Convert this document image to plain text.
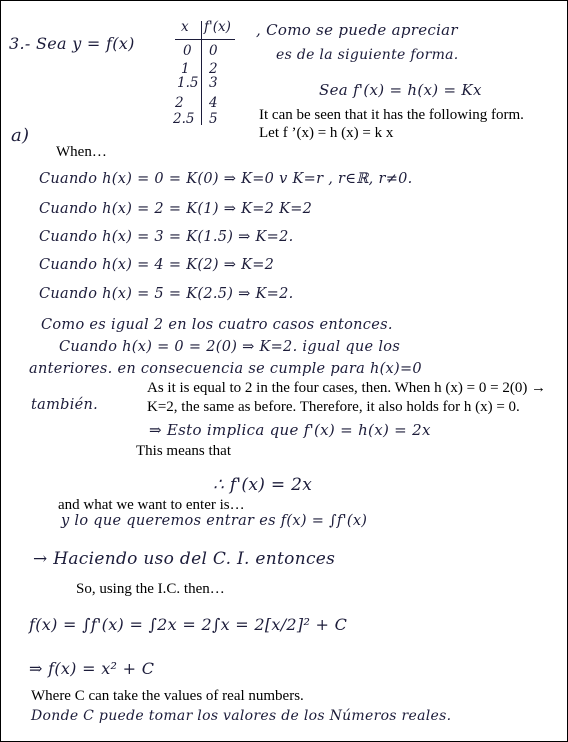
3.- Sea y = f(x)
x f'(x)
0
1
1.5
2
2.5
0
2
3
4
5
, Como se puede apreciar
es de la siguiente forma.
Sea f'(x) = h(x) = Kx
It can be seen that it has the following form.
Let f ’(x) = h (x) = k x
a)
When…
Cuando h(x) = 0 = K(0) ⇒ K=0 v K=r , r∈ℝ, r≠0.
Cuando h(x) = 2 = K(1) ⇒ K=2 K=2
Cuando h(x) = 3 = K(1.5) ⇒ K=2.
Cuando h(x) = 4 = K(2) ⇒ K=2
Cuando h(x) = 5 = K(2.5) ⇒ K=2.
Como es igual 2 en los cuatro casos entonces.
Cuando h(x) = 0 = 2(0) ⇒ K=2. igual que los
anteriores. en consecuencia se cumple para h(x)=0
As it is equal to 2 in the four cases, then. When h (x) = 0 = 2(0) →
también.	K=2, the same as before. Therefore, it also holds for h (x) = 0.
⇒ Esto implica que f'(x) = h(x) = 2x
This means that
∴ f'(x) = 2x
and what we want to enter is…
y lo que queremos entrar es f(x) = ∫f'(x)
→ Haciendo uso del C. I. entonces
So, using the I.C. then…
f(x) = ∫f'(x) = ∫2x = 2∫x = 2[x/2]² + C
⇒ f(x) = x² + C
Where C can take the values of real numbers.
Donde C puede tomar los valores de los Números reales.
